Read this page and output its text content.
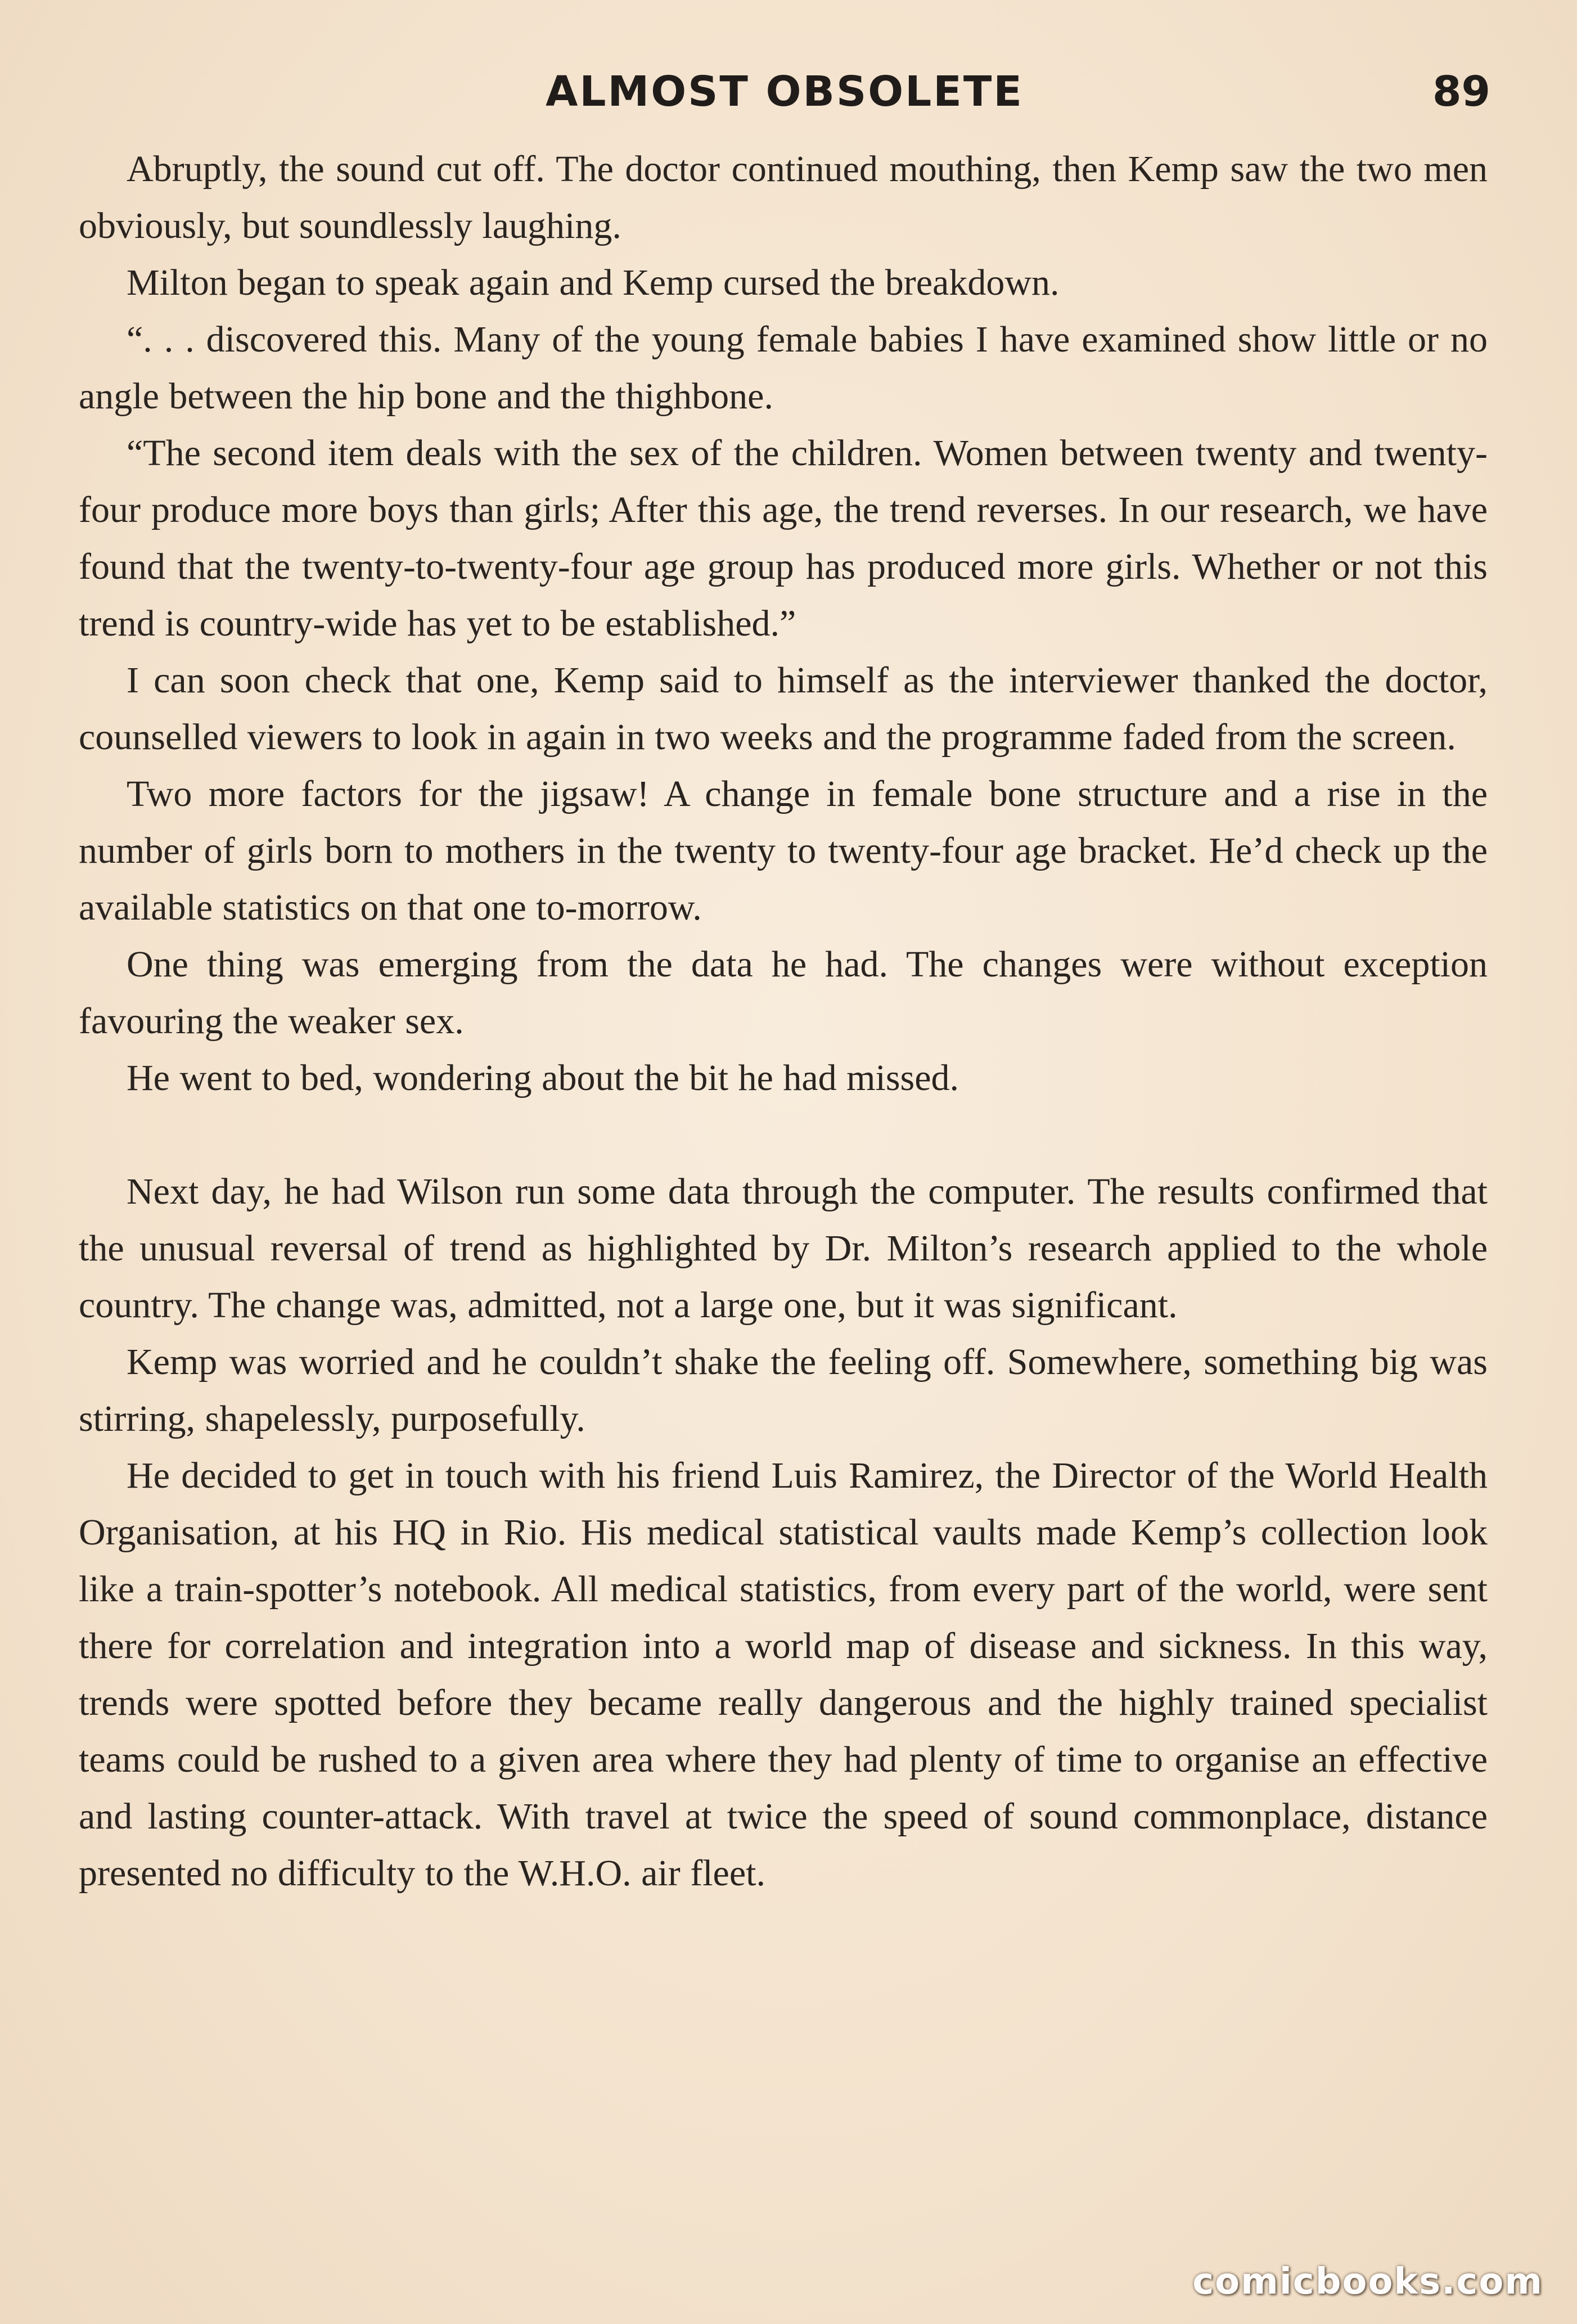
ALMOST OBSOLETE	89

Abruptly, the sound cut off. The doctor continued mouthing, then Kemp saw the two men obviously, but soundlessly laughing.

Milton began to speak again and Kemp cursed the breakdown.

“. . . discovered this. Many of the young female babies I have examined show little or no angle between the hip bone and the thighbone.

“The second item deals with the sex of the children. Women between twenty and twenty-four produce more boys than girls; After this age, the trend reverses. In our research, we have found that the twenty-to-twenty-four age group has produced more girls. Whether or not this trend is country-wide has yet to be established.”

I can soon check that one, Kemp said to himself as the interviewer thanked the doctor, counselled viewers to look in again in two weeks and the programme faded from the screen.

Two more factors for the jigsaw! A change in female bone structure and a rise in the number of girls born to mothers in the twenty to twenty-four age bracket. He’d check up the available statistics on that one to-morrow.

One thing was emerging from the data he had. The changes were without exception favouring the weaker sex.

He went to bed, wondering about the bit he had missed.

Next day, he had Wilson run some data through the computer. The results confirmed that the unusual reversal of trend as highlighted by Dr. Milton’s research applied to the whole country. The change was, admitted, not a large one, but it was significant.

Kemp was worried and he couldn’t shake the feeling off. Somewhere, something big was stirring, shapelessly, purposefully.

He decided to get in touch with his friend Luis Ramirez, the Director of the World Health Organisation, at his HQ in Rio. His medical statistical vaults made Kemp’s collection look like a train-spotter’s notebook. All medical statistics, from every part of the world, were sent there for correlation and integration into a world map of disease and sickness. In this way, trends were spotted before they became really dangerous and the highly trained specialist teams could be rushed to a given area where they had plenty of time to organise an effective and lasting counter-attack. With travel at twice the speed of sound commonplace, distance presented no difficulty to the W.H.O. air fleet.

comicbooks.com
